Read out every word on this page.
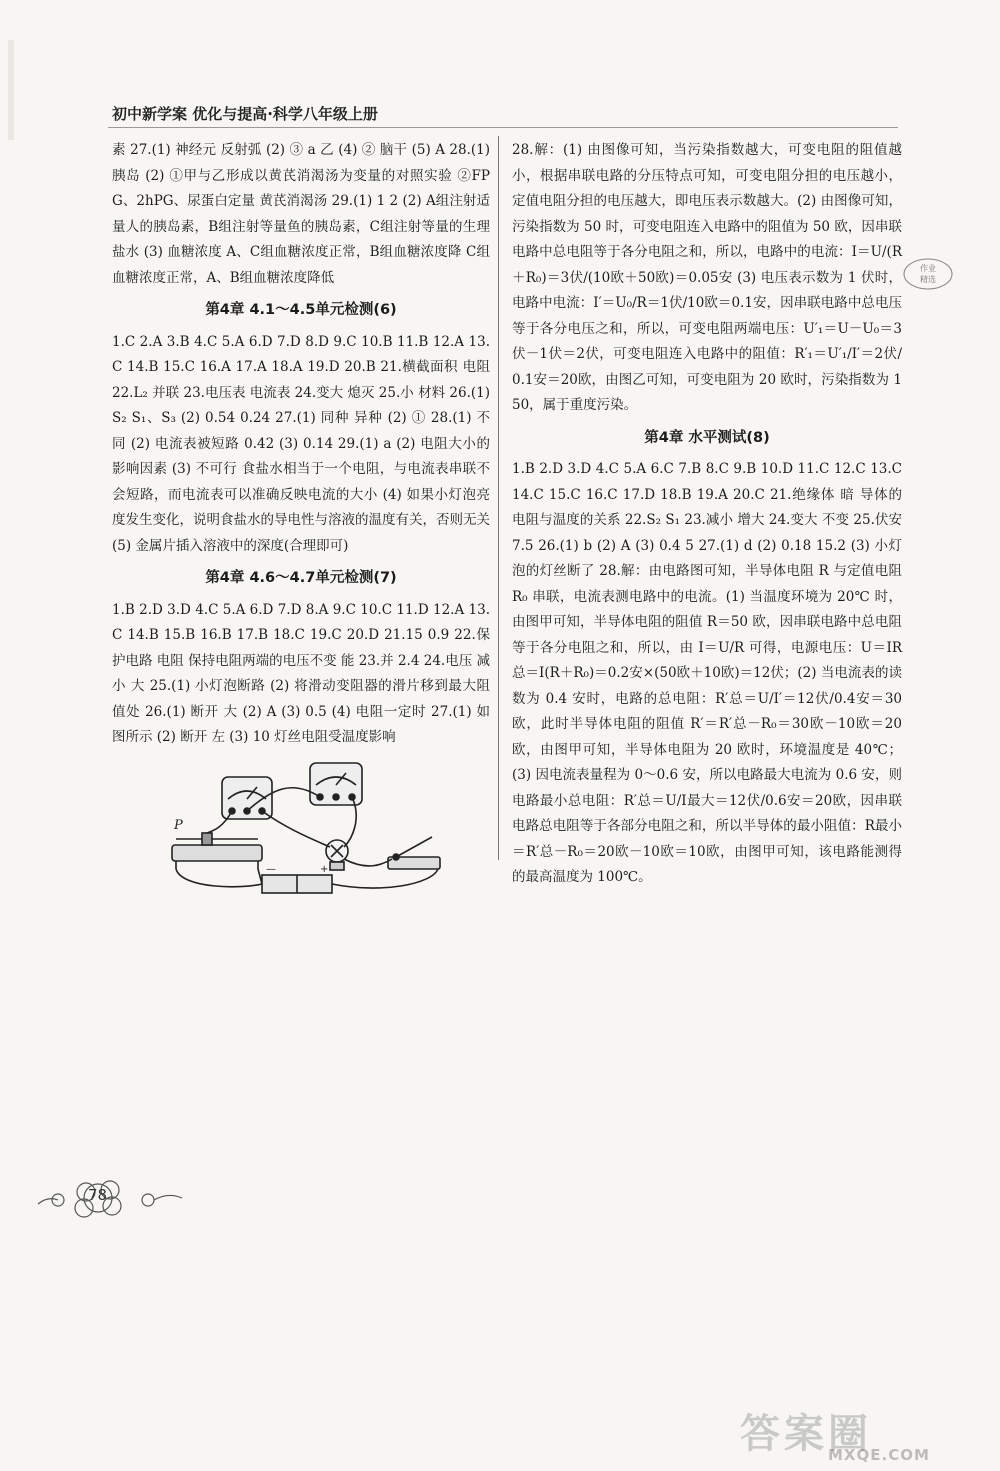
初中新学案 优化与提高·科学八年级上册

素 27.(1) 神经元 反射弧 (2) ③ a 乙 (4) ② 脑干 (5) A 28.(1) 胰岛 (2) ①甲与乙形成以黄芪消渴汤为变量的对照实验 ②FPG、2hPG、尿蛋白定量 黄芪消渴汤 29.(1) 1 2 (2) A组注射适量人的胰岛素，B组注射等量鱼的胰岛素，C组注射等量的生理盐水 (3) 血糖浓度 A、C组血糖浓度正常，B组血糖浓度降 C组血糖浓度正常，A、B组血糖浓度降低

第4章 4.1～4.5单元检测(6)

1.C 2.A 3.B 4.C 5.A 6.D 7.D 8.D 9.C 10.B 11.B 12.A 13.C 14.B 15.C 16.A 17.A 18.A 19.D 20.B 21.横截面积 电阻 22.L₂ 并联 23.电压表 电流表 24.变大 熄灭 25.小 材料 26.(1) S₂ S₁、S₃ (2) 0.54 0.24 27.(1) 同种 异种 (2) ① 28.(1) 不同 (2) 电流表被短路 0.42 (3) 0.14 29.(1) a (2) 电阻大小的影响因素 (3) 不可行 食盐水相当于一个电阻，与电流表串联不会短路，而电流表可以准确反映电流的大小 (4) 如果小灯泡亮度发生变化，说明食盐水的导电性与溶液的温度有关，否则无关 (5) 金属片插入溶液中的深度(合理即可)

第4章 4.6～4.7单元检测(7)

1.B 2.D 3.D 4.C 5.A 6.D 7.D 8.A 9.C 10.C 11.D 12.A 13.C 14.B 15.B 16.B 17.B 18.C 19.C 20.D 21.15 0.9 22.保护电路 电阻 保持电阻两端的电压不变 能 23.并 2.4 24.电压 减小 大 25.(1) 小灯泡断路 (2) 将滑动变阻器的滑片移到最大阻值处 26.(1) 断开 大 (2) A (3) 0.5 (4) 电阻一定时 27.(1) 如图所示 (2) 断开 左 (3) 10 灯丝电阻受温度影响

P
—	+

28.解：(1) 由图像可知，当污染指数越大，可变电阻的阻值越小，根据串联电路的分压特点可知，可变电阻分担的电压越小，定值电阻分担的电压越大，即电压表示数越大。(2) 由图像可知，污染指数为 50 时，可变电阻连入电路中的阻值为 50 欧，因串联电路中总电阻等于各分电阻之和，所以，电路中的电流：I＝U/(R＋R₀)＝3伏/(10欧＋50欧)＝0.05安 (3) 电压表示数为 1 伏时，电路中电流：I′＝U₀/R＝1伏/10欧＝0.1安，因串联电路中总电压等于各分电压之和，所以，可变电阻两端电压：U′₁＝U－U₀＝3伏－1伏＝2伏，可变电阻连入电路中的阻值：R′₁＝U′₁/I′＝2伏/0.1安＝20欧，由图乙可知，可变电阻为 20 欧时，污染指数为 150，属于重度污染。

第4章 水平测试(8)

1.B 2.D 3.D 4.C 5.A 6.C 7.B 8.C 9.B 10.D 11.C 12.C 13.C 14.C 15.C 16.C 17.D 18.B 19.A 20.C 21.绝缘体 暗 导体的电阻与温度的关系 22.S₂ S₁ 23.减小 增大 24.变大 不变 25.伏安 7.5 26.(1) b (2) A (3) 0.4 5 27.(1) d (2) 0.18 15.2 (3) 小灯泡的灯丝断了 28.解：由电路图可知，半导体电阻 R 与定值电阻 R₀ 串联，电流表测电路中的电流。(1) 当温度环境为 20℃ 时，由图甲可知，半导体电阻的阻值 R＝50 欧，因串联电路中总电阻等于各分电阻之和，所以，由 I＝U/R 可得，电源电压：U＝IR总＝I(R＋R₀)＝0.2安×(50欧＋10欧)＝12伏；(2) 当电流表的读数为 0.4 安时，电路的总电阻：R′总＝U/I′＝12伏/0.4安＝30欧，此时半导体电阻的阻值 R′＝R′总－R₀＝30欧－10欧＝20欧，由图甲可知，半导体电阻为 20 欧时，环境温度是 40℃；(3) 因电流表量程为 0～0.6 安，所以电路最大电流为 0.6 安，则电路最小总电阻：R′总＝U/I最大＝12伏/0.6安＝20欧，因串联电路总电阻等于各部分电阻之和，所以半导体的最小阻值：R最小＝R′总－R₀＝20欧－10欧＝10欧，由图甲可知，该电路能测得的最高温度为 100℃。

作业
精选
78
答案圈
MXQE.COM
